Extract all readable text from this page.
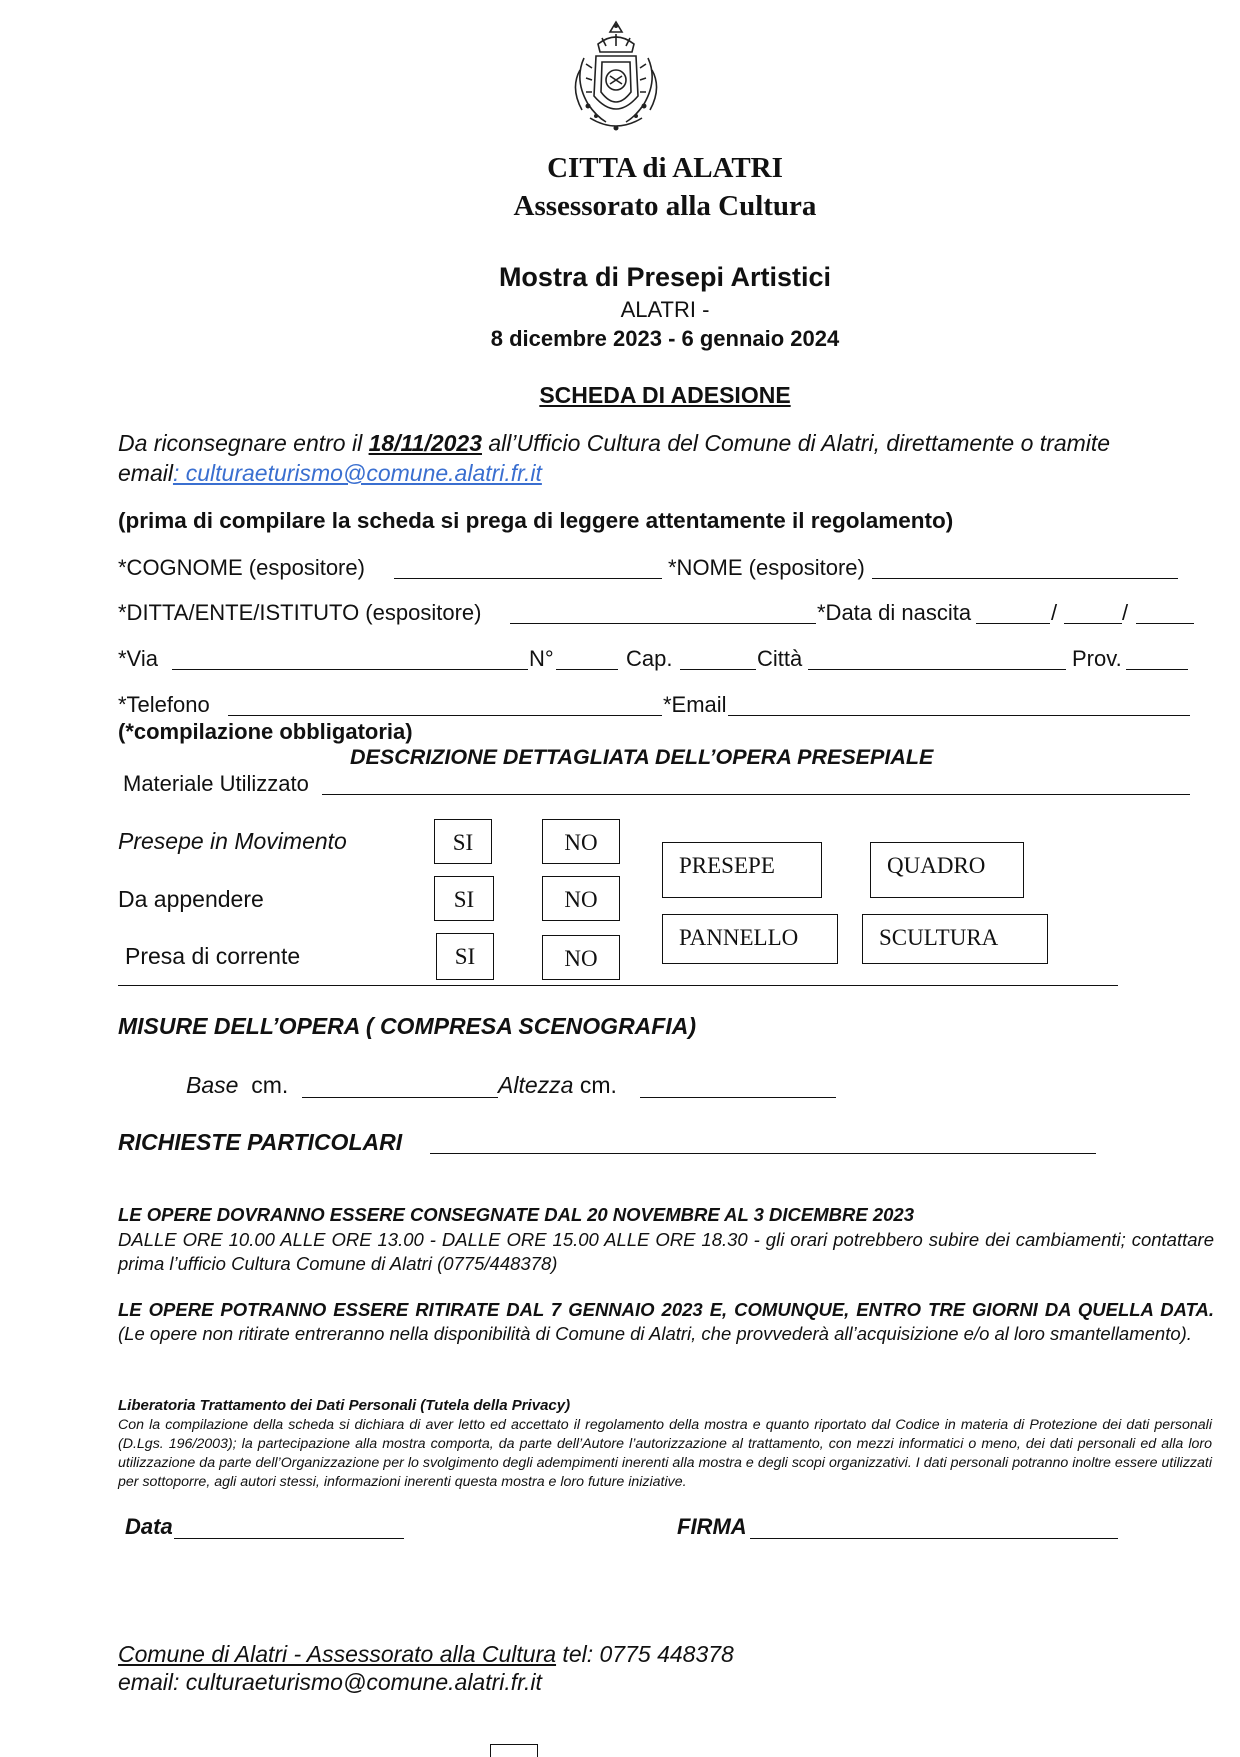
CITTA di ALATRI
Assessorato alla Cultura
Mostra di Presepi Artistici
ALATRI -
8 dicembre 2023 - 6 gennaio 2024
SCHEDA DI ADESIONE
Da riconsegnare entro il 18/11/2023 all’Ufficio Cultura del Comune di Alatri, direttamente o tramite
email: culturaeturismo@comune.alatri.fr.it
(prima di compilare la scheda si prega di leggere attentamente il regolamento)
*COGNOME (espositore)	*NOME (espositore)
*DITTA/ENTE/ISTITUTO (espositore)	*Data di nascita	/	/
*Via	N°	Cap.	Città	Prov.
*Telefono	*Email
(*compilazione obbligatoria)
DESCRIZIONE DETTAGLIATA DELL’OPERA PRESEPIALE
Materiale Utilizzato
Presepe in Movimento	SI	NO
Da appendere	SI	NO
Presa di corrente	SI	NO
PRESEPE	QUADRO
PANNELLO	SCULTURA
MISURE DELL’OPERA ( COMPRESA SCENOGRAFIA)
Base cm.	Altezza cm.
RICHIESTE PARTICOLARI
LE OPERE DOVRANNO ESSERE CONSEGNATE DAL 20 NOVEMBRE AL 3 DICEMBRE 2023
DALLE ORE 10.00 ALLE ORE 13.00 - DALLE ORE 15.00 ALLE ORE 18.30 - gli orari potrebbero subire dei cambiamenti; contattare prima l’ufficio Cultura Comune di Alatri (0775/448378)
LE OPERE POTRANNO ESSERE RITIRATE DAL 7 GENNAIO 2023 E, COMUNQUE, ENTRO TRE GIORNI DA QUELLA DATA. (Le opere non ritirate entreranno nella disponibilità di Comune di Alatri, che provvederà all’acquisizione e/o al loro smantellamento).
Liberatoria Trattamento dei Dati Personali (Tutela della Privacy)
Con la compilazione della scheda si dichiara di aver letto ed accettato il regolamento della mostra e quanto riportato dal Codice in materia di Protezione dei dati personali (D.Lgs. 196/2003); la partecipazione alla mostra comporta, da parte dell’Autore l’autorizzazione al trattamento, con mezzi informatici o meno, dei dati personali ed alla loro utilizzazione da parte dell’Organizzazione per lo svolgimento degli adempimenti inerenti alla mostra e degli scopi organizzativi. I dati personali potranno inoltre essere utilizzati per sottoporre, agli autori stessi, informazioni inerenti questa mostra e loro future iniziative.
Data	FIRMA
Comune di Alatri - Assessorato alla Cultura tel: 0775 448378
email: culturaeturismo@comune.alatri.fr.it
